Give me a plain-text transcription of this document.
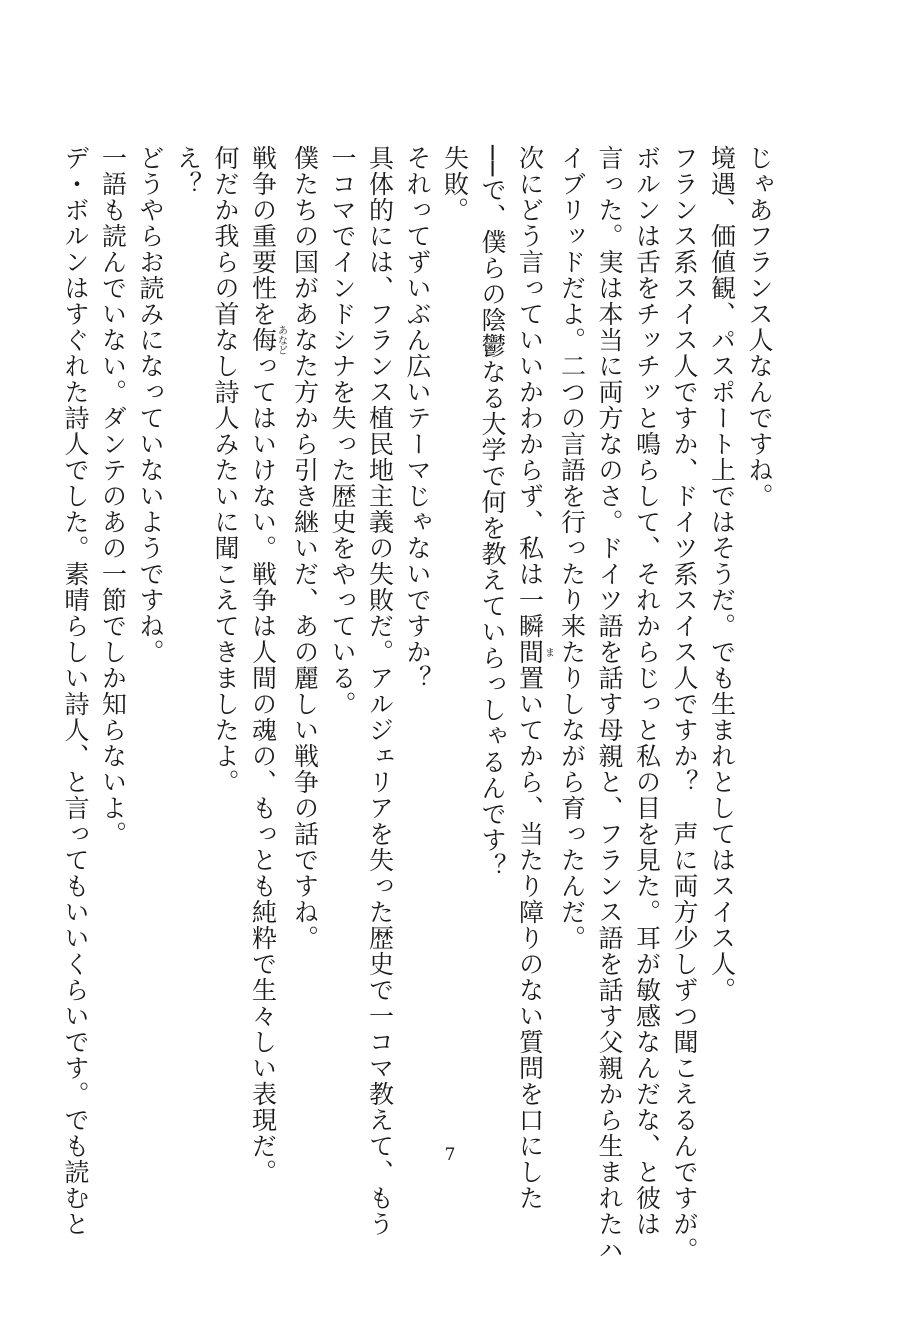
じゃあフランス人なんですね。

境遇、価値観、パスポート上ではそうだ。でも生まれとしてはスイス人。

フランス系スイス人ですか、ドイツ系スイス人ですか？　声に両方少しずつ聞こえるんですが。

ボルンは舌をチッチッと鳴らして、それからじっと私の目を見た。耳が敏感なんだな、と彼は

言った。実は本当に両方なのさ。ドイツ語を話す母親と、フランス語を話す父親から生まれたハ

イブリッドだよ。二つの言語を行ったり来たりしながら育ったんだ。

次にどう言っていいかわからず、私は一瞬間ま置いてから、当たり障りのない質問を口にした

──で、僕らの陰鬱なる大学で何を教えていらっしゃるんです？

失敗。

それってずいぶん広いテーマじゃないですか？

具体的には、フランス植民地主義の失敗だ。アルジェリアを失った歴史で一コマ教えて、もう

一コマでインドシナを失った歴史をやっている。

僕たちの国があなた方から引き継いだ、あの麗しい戦争の話ですね。

戦争の重要性を侮あなどってはいけない。戦争は人間の魂の、もっとも純粋で生々しい表現だ。

何だか我らの首なし詩人みたいに聞こえてきましたよ。

え？

どうやらお読みになっていないようですね。

一語も読んでいない。ダンテのあの一節でしか知らないよ。

デ・ボルンはすぐれた詩人でした。素晴らしい詩人、と言ってもいいくらいです。でも読むと	7
